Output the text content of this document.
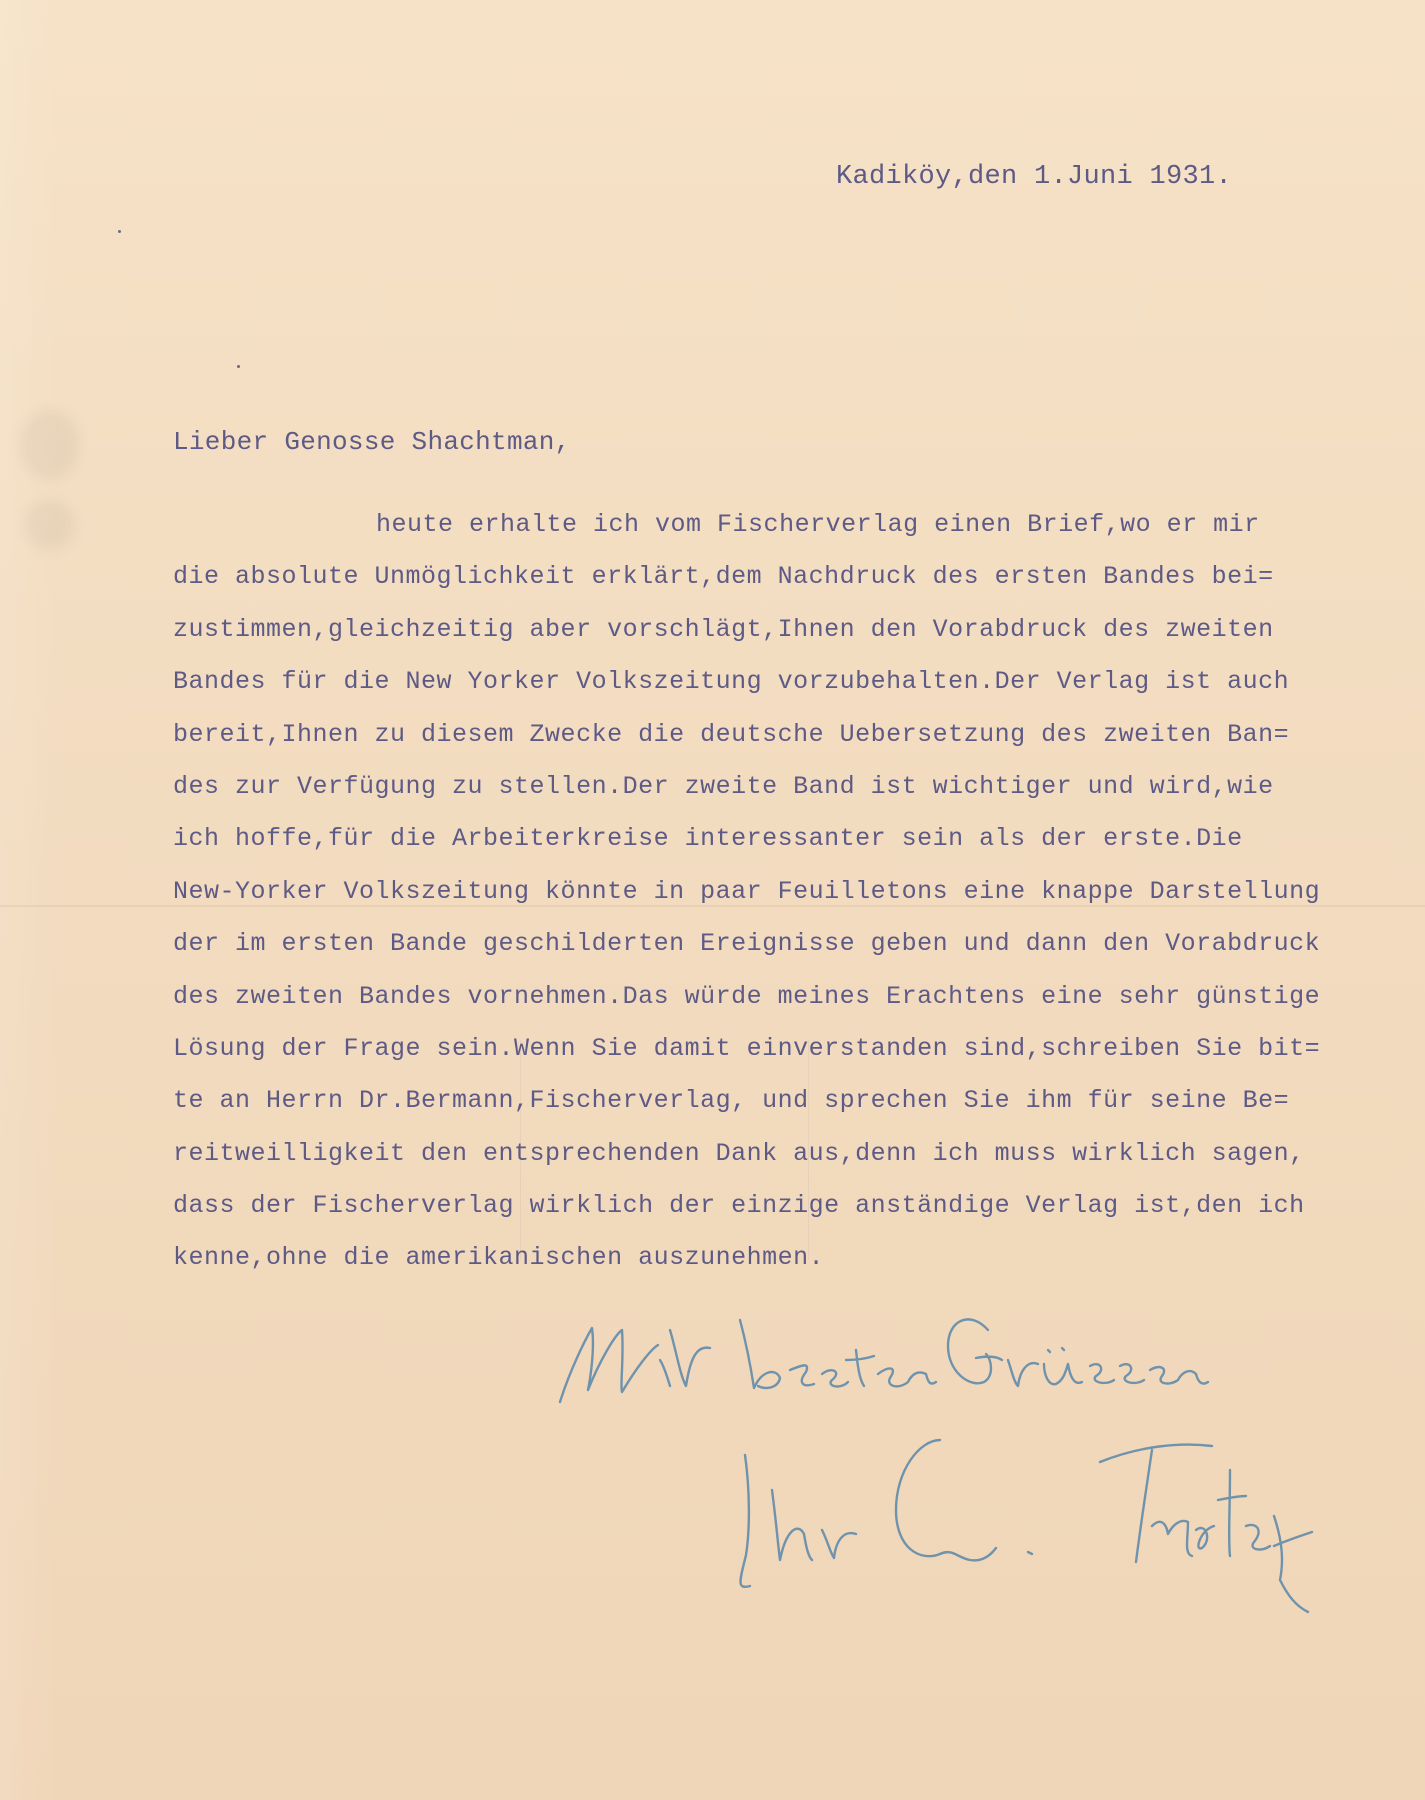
Kadiköy,den 1.Juni 1931.

Lieber Genosse Shachtman,

heute erhalte ich vom Fischerverlag einen Brief,wo er mir
die absolute Unmöglichkeit erklärt,dem Nachdruck des ersten Bandes bei=
zustimmen,gleichzeitig aber vorschlägt,Ihnen den Vorabdruck des zweiten
Bandes für die New Yorker Volkszeitung vorzubehalten.Der Verlag ist auch
bereit,Ihnen zu diesem Zwecke die deutsche Uebersetzung des zweiten Ban=
des zur Verfügung zu stellen.Der zweite Band ist wichtiger und wird,wie
ich hoffe,für die Arbeiterkreise interessanter sein als der erste.Die
New-Yorker Volkszeitung könnte in paar Feuilletons eine knappe Darstellung
der im ersten Bande geschilderten Ereignisse geben und dann den Vorabdruck
des zweiten Bandes vornehmen.Das würde meines Erachtens eine sehr günstige
Lösung der Frage sein.Wenn Sie damit einverstanden sind,schreiben Sie bit=
te an Herrn Dr.Bermann,Fischerverlag, und sprechen Sie ihm für seine Be=
reitweilligkeit den entsprechenden Dank aus,denn ich muss wirklich sagen,
dass der Fischerverlag wirklich der einzige anständige Verlag ist,den ich
kenne,ohne die amerikanischen auszunehmen.
